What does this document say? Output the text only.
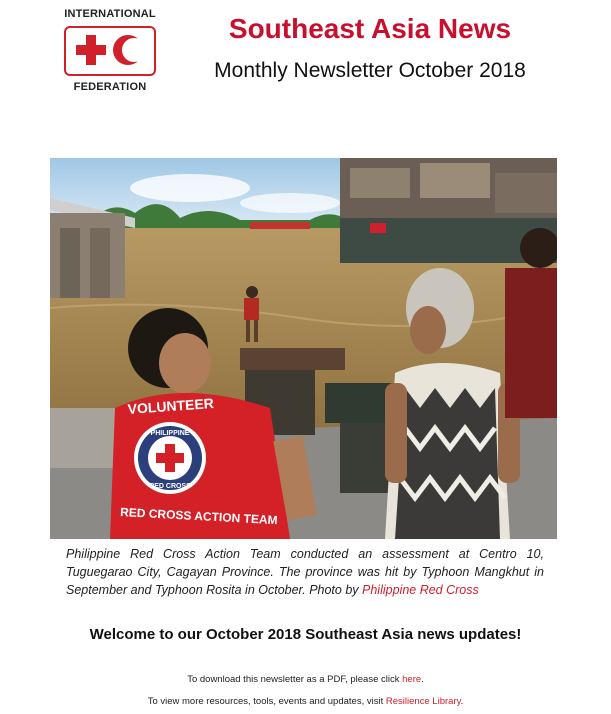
INTERNATIONAL
FEDERATION
Southeast Asia News
Monthly Newsletter October 2018
VOLUNTEER
PHILIPPINE
RED CROSS
RED CROSS ACTION TEAM
Philippine Red Cross Action Team conducted an assessment at Centro 10, Tuguegarao City, Cagayan Province. The province was hit by Typhoon Mangkhut in September and Typhoon Rosita in October. Photo by Philippine Red Cross
Welcome to our October 2018 Southeast Asia news updates!
To download this newsletter as a PDF, please click here.
To view more resources, tools, events and updates, visit Resilience Library.
